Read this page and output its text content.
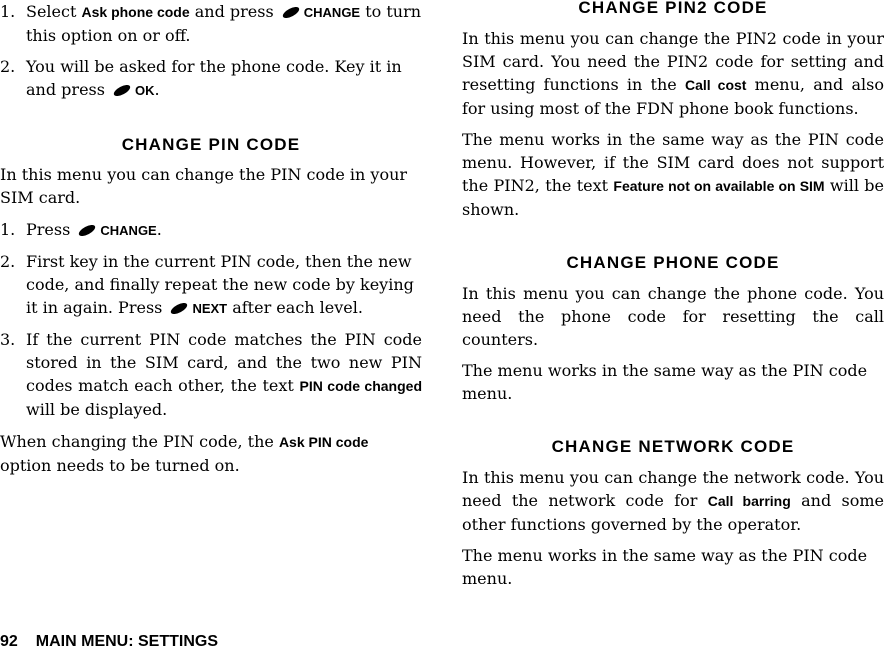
1. Select Ask phone code and press
CHANGE to turn this option on or off.
2. You will be asked for the phone code. Key it in and press
OK.
CHANGE PIN CODE

In this menu you can change the PIN code in your SIM card.

1. Press
CHANGE.
2. First key in the current PIN code, then the new code, and finally repeat the new code by keying it in again. Press
NEXT after each level.
3. If the current PIN code matches the PIN code stored in the SIM card, and the two new PIN codes match each other, the text PIN code changed will be displayed.

When changing the PIN code, the Ask PIN code option needs to be turned on.

CHANGE PIN2 CODE

In this menu you can change the PIN2 code in your SIM card. You need the PIN2 code for setting and resetting functions in the Call cost menu, and also for using most of the FDN phone book functions.

The menu works in the same way as the PIN code menu. However, if the SIM card does not support the PIN2, the text Feature not on available on SIM will be shown.

CHANGE PHONE CODE

In this menu you can change the phone code. You need the phone code for resetting the call counters.

The menu works in the same way as the PIN code menu.

CHANGE NETWORK CODE

In this menu you can change the network code. You need the network code for Call barring and some other functions governed by the operator.

The menu works in the same way as the PIN code menu.

92 MAIN MENU: SETTINGS
